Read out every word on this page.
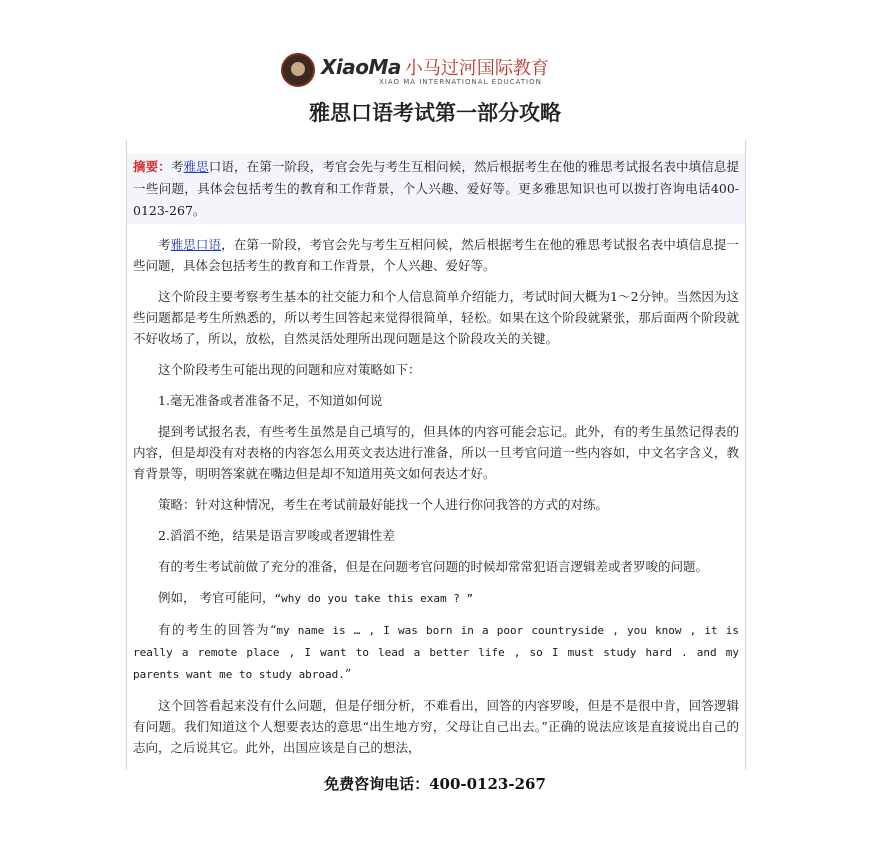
XiaoMa 小马过河国际教育
XIAO MA INTERNATIONAL EDUCATION
雅思口语考试第一部分攻略
摘要：考雅思口语，在第一阶段，考官会先与考生互相问候，然后根据考生在他的雅思考试报名表中填信息提一些问题，具体会包括考生的教育和工作背景，个人兴趣、爱好等。更多雅思知识也可以拨打咨询电话400-0123-267。

考雅思口语，在第一阶段，考官会先与考生互相问候，然后根据考生在他的雅思考试报名表中填信息提一些问题，具体会包括考生的教育和工作背景，个人兴趣、爱好等。

这个阶段主要考察考生基本的社交能力和个人信息简单介绍能力，考试时间大概为1～2分钟。当然因为这些问题都是考生所熟悉的，所以考生回答起来觉得很简单，轻松。如果在这个阶段就紧张，那后面两个阶段就不好收场了，所以，放松，自然灵活处理所出现问题是这个阶段攻关的关键。

这个阶段考生可能出现的问题和应对策略如下：

1.毫无准备或者准备不足，不知道如何说

提到考试报名表，有些考生虽然是自己填写的，但具体的内容可能会忘记。此外，有的考生虽然记得表的内容，但是却没有对表格的内容怎么用英文表达进行准备，所以一旦考官问道一些内容如，中文名字含义，教育背景等，明明答案就在嘴边但是却不知道用英文如何表达才好。

策略：针对这种情况，考生在考试前最好能找一个人进行你问我答的方式的对练。

2.滔滔不绝，结果是语言罗唆或者逻辑性差

有的考生考试前做了充分的准备，但是在问题考官问题的时候却常常犯语言逻辑差或者罗唆的问题。

例如， 考官可能问，“why do you take this exam ? ”

有的考生的回答为“my name is … , I was born in a poor countryside , you know , it is really a remote place , I want to lead a better life , so I must study hard . and my parents want me to study abroad.”

这个回答看起来没有什么问题，但是仔细分析，不难看出，回答的内容罗唆，但是不是很中肯，回答逻辑有问题。我们知道这个人想要表达的意思“出生地方穷，父母让自己出去。”正确的说法应该是直接说出自己的志向，之后说其它。此外，出国应该是自己的想法，

免费咨询电话：400-0123-267
